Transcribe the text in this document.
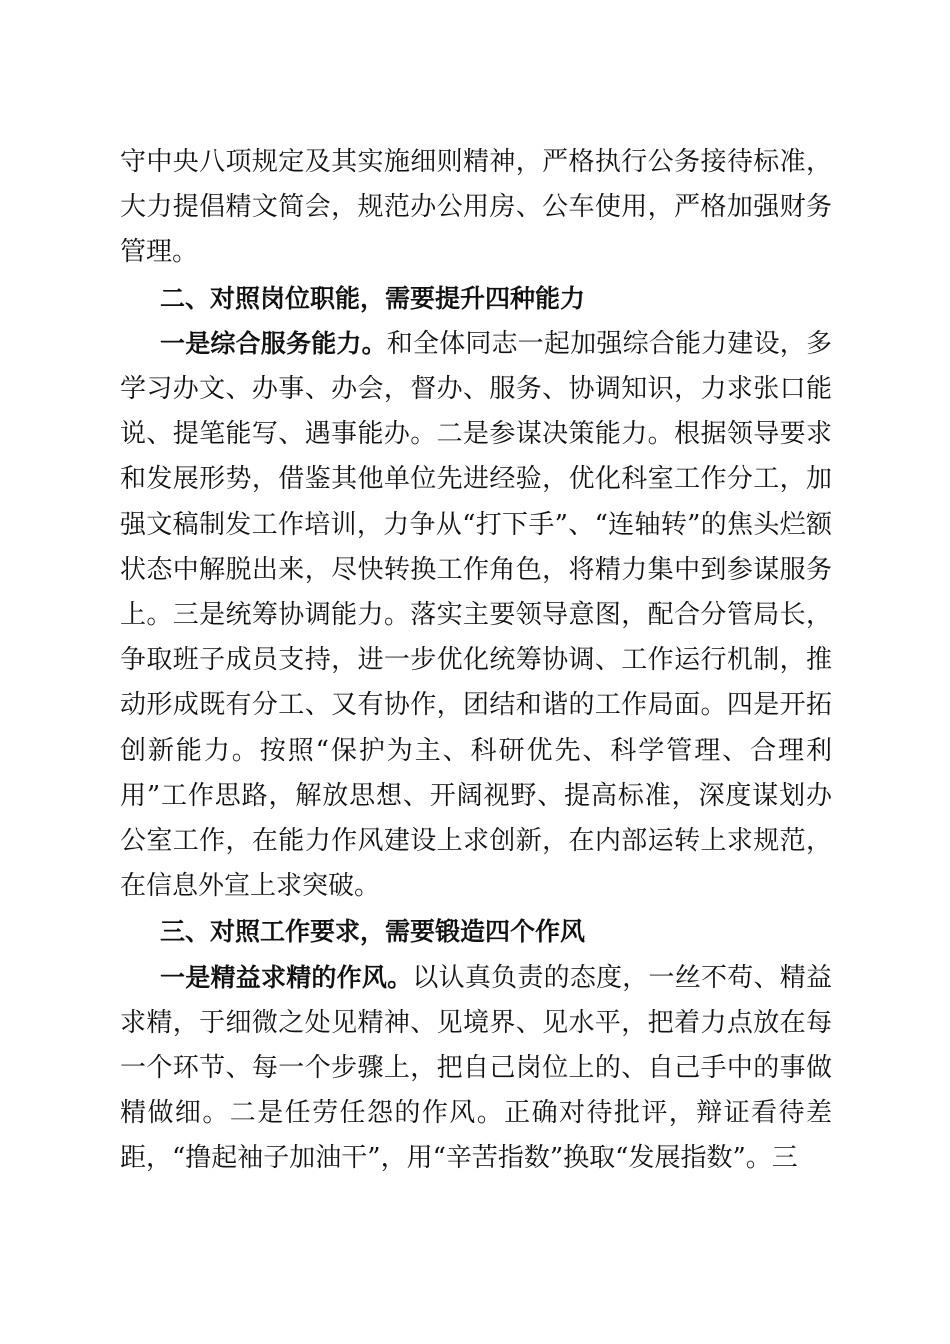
守中央八项规定及其实施细则精神，严格执行公务接待标准，大力提倡精文简会，规范办公用房、公车使用，严格加强财务管理。

二、对照岗位职能，需要提升四种能力

一是综合服务能力。和全体同志一起加强综合能力建设，多学习办文、办事、办会，督办、服务、协调知识，力求张口能说、提笔能写、遇事能办。二是参谋决策能力。根据领导要求和发展形势，借鉴其他单位先进经验，优化科室工作分工，加强文稿制发工作培训，力争从“打下手”、“连轴转”的焦头烂额状态中解脱出来，尽快转换工作角色，将精力集中到参谋服务上。三是统筹协调能力。落实主要领导意图，配合分管局长，争取班子成员支持，进一步优化统筹协调、工作运行机制，推动形成既有分工、又有协作，团结和谐的工作局面。四是开拓创新能力。按照“保护为主、科研优先、科学管理、合理利用”工作思路，解放思想、开阔视野、提高标准，深度谋划办公室工作，在能力作风建设上求创新，在内部运转上求规范，在信息外宣上求突破。

三、对照工作要求，需要锻造四个作风

一是精益求精的作风。以认真负责的态度，一丝不苟、精益求精，于细微之处见精神、见境界、见水平，把着力点放在每一个环节、每一个步骤上，把自己岗位上的、自己手中的事做精做细。二是任劳任怨的作风。正确对待批评，辩证看待差距，“撸起袖子加油干”，用“辛苦指数”换取“发展指数”。三
